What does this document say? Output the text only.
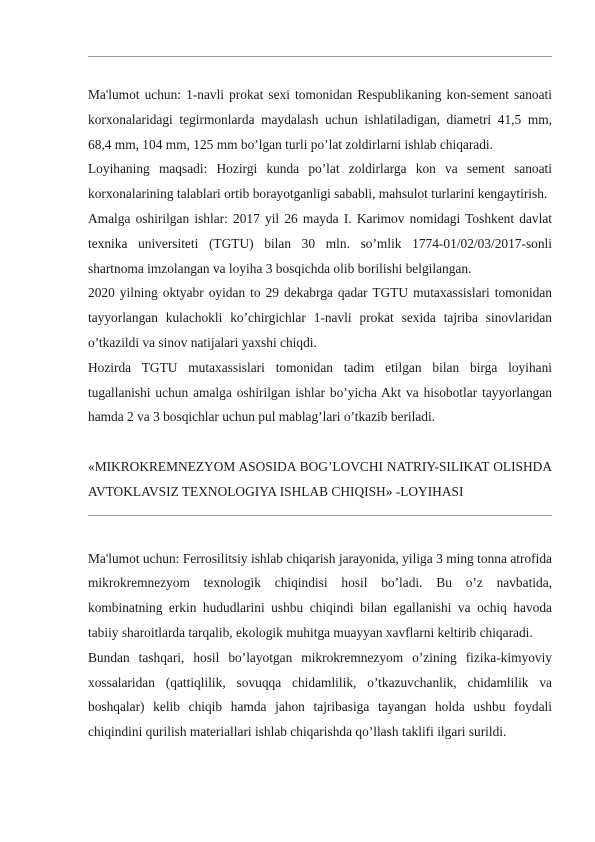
Ma'lumot uchun: 1-navli prokat sexi tomonidan Respublikaning kon-sement sanoati korxonalaridagi tegirmonlarda maydalash uchun ishlatiladigan, diametri 41,5 mm, 68,4 mm, 104 mm, 125 mm bo’lgan turli po’lat zoldirlarni ishlab chiqaradi.

Loyihaning maqsadi: Hozirgi kunda po’lat zoldirlarga kon va sement sanoati korxonalarining talablari ortib borayotganligi sababli, mahsulot turlarini kengaytirish.

Amalga oshirilgan ishlar: 2017 yil 26 mayda I. Karimov nomidagi Toshkent davlat texnika universiteti (TGTU) bilan 30 mln. so’mlik 1774-01/02/03/2017-sonli shartnoma imzolangan va loyiha 3 bosqichda olib borilishi belgilangan.

2020 yilning oktyabr oyidan to 29 dekabrga qadar TGTU mutaxassislari tomonidan tayyorlangan kulachokli ko’chirgichlar 1-navli prokat sexida tajriba sinovlaridan o’tkazildi va sinov natijalari yaxshi chiqdi.

Hozirda TGTU mutaxassislari tomonidan tadim etilgan bilan birga loyihani tugallanishi uchun amalga oshirilgan ishlar bo’yicha Akt va hisobotlar tayyorlangan hamda 2 va 3 bosqichlar uchun pul mablag’lari o’tkazib beriladi.

«MIKROKREMNEZYOM ASOSIDA BOG’LOVCHI NATRIY-SILIKAT OLISHDA AVTOKLAVSIZ TEXNOLOGIYA ISHLAB CHIQISH» -LOYIHASI

Ma'lumot uchun: Ferrosilitsiy ishlab chiqarish jarayonida, yiliga 3 ming tonna atrofida mikrokremnezyom texnologik chiqindisi hosil bo’ladi. Bu o’z navbatida, kombinatning erkin hududlarini ushbu chiqindi bilan egallanishi va ochiq havoda tabiiy sharoitlarda tarqalib, ekologik muhitga muayyan xavflarni keltirib chiqaradi.

Bundan tashqari, hosil bo’layotgan mikrokremnezyom o’zining fizika-kimyoviy xossalaridan (qattiqlilik, sovuqqa chidamlilik, o’tkazuvchanlik, chidamlilik va boshqalar) kelib chiqib hamda jahon tajribasiga tayangan holda ushbu foydali chiqindini qurilish materiallari ishlab chiqarishda qo’llash taklifi ilgari surildi.
